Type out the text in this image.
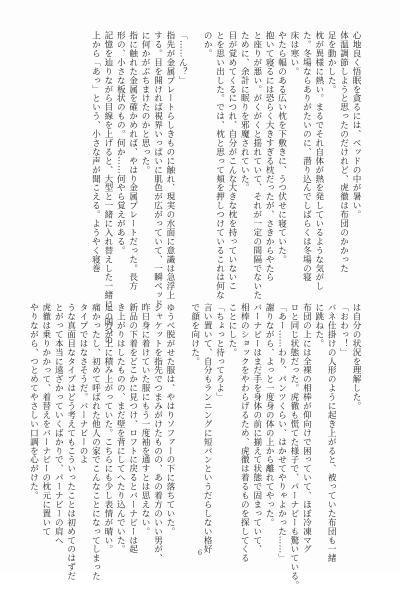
心地良く悟眠を貪るには、ベッドの中が暑い。
体温調節しようと思ったのだけれど、虎徹は布団のかかった
足を動かした。
枕が異様に熱い。まるでそれ自体が熱を発しているような気がし
た。冬場ならありがたいのに、潜り込んでしばらくは冬場の寝
床は寒い。
やたら幅のある広い枕を下敷きに、うつ伏せに寝ていた。
抱いて寝るには恐らく大きすぎる枕だったが、さきからやたら
と座りが悪い。がくがくと揺れていて、それが一定の間隔でないた
ために、余計に眠りを邪魔されていた。
目が覚めてくるにつれ、自分がこんな大きな枕を持っていないこ
とを思い出した。では、枕と思って頬を押しつけているこれは何な
のか。
「……ん？」
指先が金属プレートらしきものに触れ、現実の水面に意識は急浮上
する。目を開ければ視界いっぱいに肌色が広がっていて、一瞬ベッド
に何かがぶちまけたのかと思った。
指に触れた金属を確かめれば、やはり金属プレートだった。長方
形の、小さな板状のもの。何か……何やら覚えがある。
記憶を辿りながら目線を上げると、大型と一緒に入れ替えした一緒に、四つの
上から「あっ」という、小さな声が聞こえる。ようやく寝巻
は自分の状況を理解した。
「おわっ！」
バネ仕掛けの人形のように起き上がると、被っていた布団も一緒
に跳ねた。
布団の上には全裸の相棒が仰向けで困っていて、ほぼ冷凍マグ
ロと同じ状態だった。虎徹も慌てた様子で、パーナビーも驚いている。
「あー……わり、パンツくらい、はかせてやりゃよかった……」
謝りながら、よっと一度身の体の上から離れてやった。
バーナビーはまだ手を身体の前に揃えて状態で固まっていて、
相棒のショックをやわらげるため、虎徹は着るものを探してくる
ことにした。
「ちょっと待ってろよ」
言い置いて、自分もランニングに短パンというだらしない格好
で顔を向けた。
ゆうべ脱がせた服は、やはりソファーの下に落ちていた。
ジャケットを指先でつまみがけたものの、あの着方のいい男が、
昨日身に着けていた服にもう一度袖を通すとは思えない。
新品の下着をどこかに見つけ、ロフトに戻るとバーナビーは起
き上がりはしたものの、まだ壁を背にしてへたり込んでいた。
足の方が上に積み上がっていた。こちらにも少し表情が晴い。
痛かったし、初めて呼ばれた他人の家でこんなことになってしまった
タイプではなさそうだ。バーナビーのよ
うな真面目なタイプはどう考えてもこういったことは初めてのはずだ
とがって本当に遠ざかっていくばかりで、パーナビーの肩へ
虎徹は乗りかかって、着替えをバーナビーの枕元に置いて
やりながら、つとめてやさしい口調を心がけた。
6
